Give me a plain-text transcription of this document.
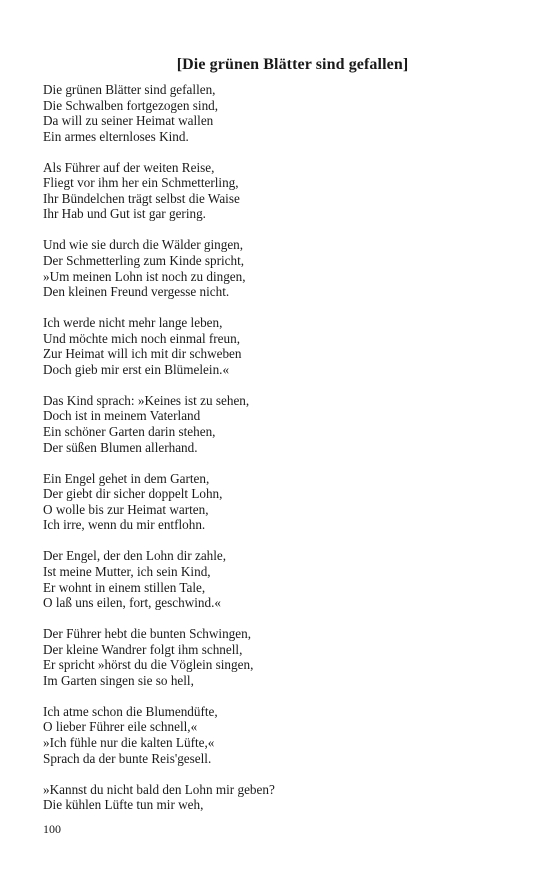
[Die grünen Blätter sind gefallen]
Die grünen Blätter sind gefallen,
Die Schwalben fortgezogen sind,
Da will zu seiner Heimat wallen
Ein armes elternloses Kind.
Als Führer auf der weiten Reise,
Fliegt vor ihm her ein Schmetterling,
Ihr Bündelchen trägt selbst die Waise
Ihr Hab und Gut ist gar gering.
Und wie sie durch die Wälder gingen,
Der Schmetterling zum Kinde spricht,
»Um meinen Lohn ist noch zu dingen,
Den kleinen Freund vergesse nicht.
Ich werde nicht mehr lange leben,
Und möchte mich noch einmal freun,
Zur Heimat will ich mit dir schweben
Doch gieb mir erst ein Blümelein.«
Das Kind sprach: »Keines ist zu sehen,
Doch ist in meinem Vaterland
Ein schöner Garten darin stehen,
Der süßen Blumen allerhand.
Ein Engel gehet in dem Garten,
Der giebt dir sicher doppelt Lohn,
O wolle bis zur Heimat warten,
Ich irre, wenn du mir entflohn.
Der Engel, der den Lohn dir zahle,
Ist meine Mutter, ich sein Kind,
Er wohnt in einem stillen Tale,
O laß uns eilen, fort, geschwind.«
Der Führer hebt die bunten Schwingen,
Der kleine Wandrer folgt ihm schnell,
Er spricht »hörst du die Vöglein singen,
Im Garten singen sie so hell,
Ich atme schon die Blumendüfte,
O lieber Führer eile schnell,«
»Ich fühle nur die kalten Lüfte,«
Sprach da der bunte Reis'gesell.
»Kannst du nicht bald den Lohn mir geben?
Die kühlen Lüfte tun mir weh,
100
